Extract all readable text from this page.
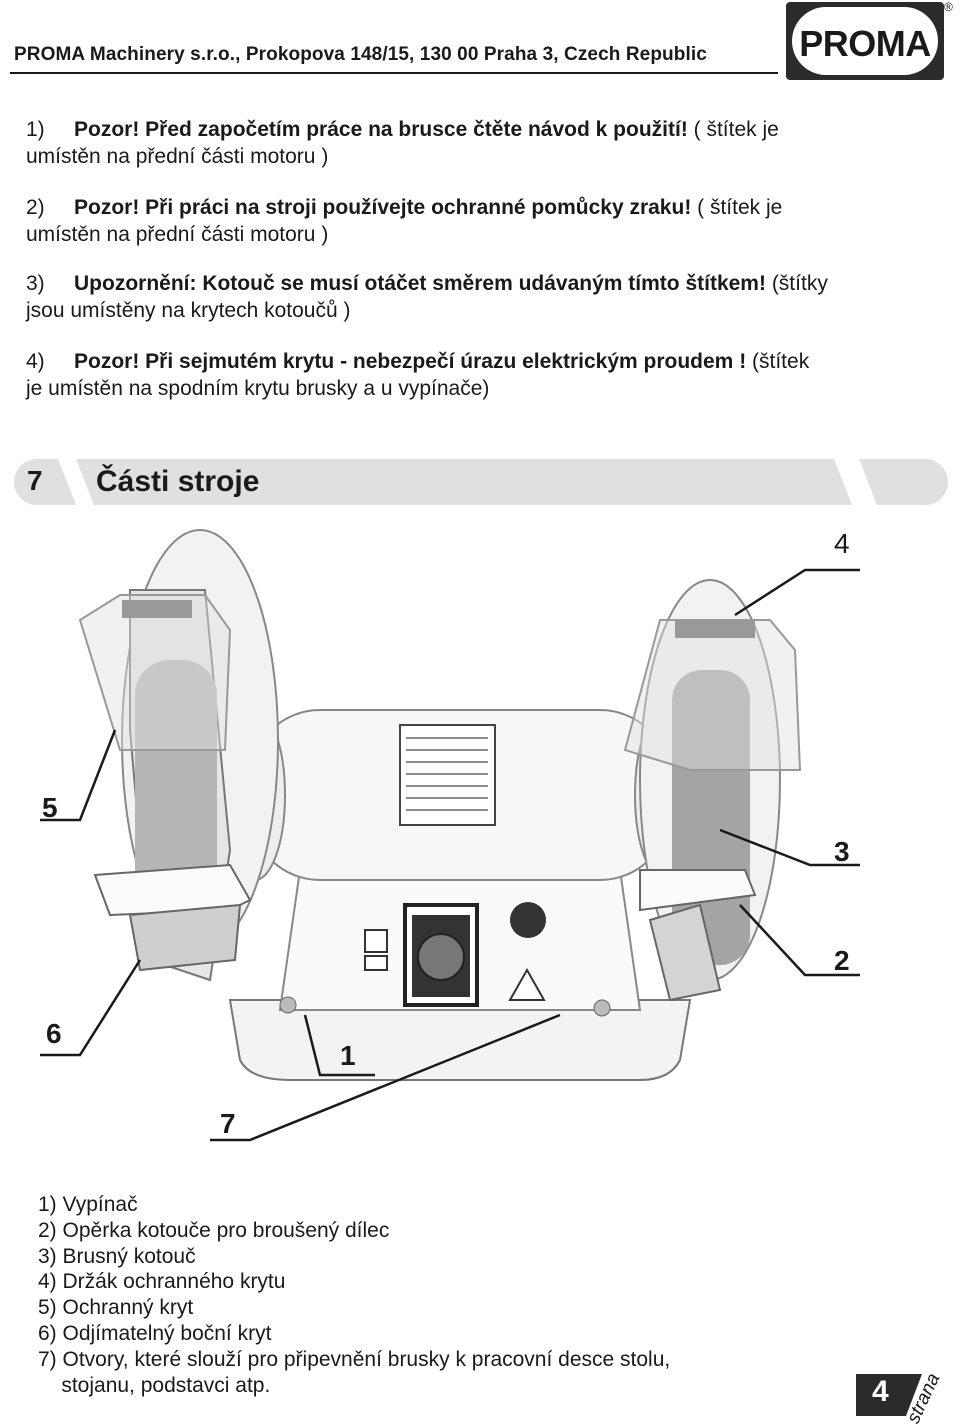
PROMA Machinery s.r.o., Prokopova 148/15, 130 00 Praha 3, Czech Republic	PROMA
®
1) Pozor! Před započetím práce na brusce čtěte návod k použití! ( štítek je
umístěn na přední části motoru )
2) Pozor! Při práci na stroji používejte ochranné pomůcky zraku! ( štítek je
umístěn na přední části motoru )
3) Upozornění: Kotouč se musí otáčet směrem udávaným tímto štítkem! (štítky
jsou umístěny na krytech kotoučů )
4) Pozor! Při sejmutém krytu - nebezpečí úrazu elektrickým proudem ! (štítek
je umístěn na spodním krytu brusky a u vypínače)
7 Části stroje
4
5
3
2
6
1
7
1) Vypínač
2) Opěrka kotouče pro broušený dílec
3) Brusný kotouč
4) Držák ochranného krytu
5) Ochranný kryt
6) Odjímatelný boční kryt
7) Otvory, které slouží pro připevnění brusky k pracovní desce stolu,
stojanu, podstavci atp.	4 strana
